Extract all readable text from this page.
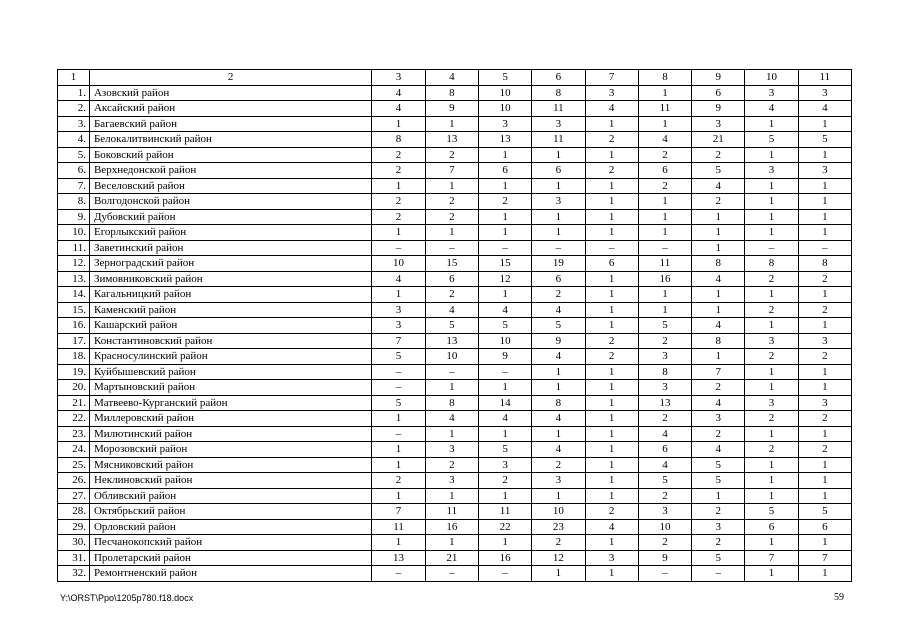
1	2	3	4	5	6	7	8	9	10	11
1.	Азовский район	4	8	10	8	3	1	6	3	3
2.	Аксайский район	4	9	10	11	4	11	9	4	4
3.	Багаевский район	1	1	3	3	1	1	3	1	1
4.	Белокалитвинский район	8	13	13	11	2	4	21	5	5
5.	Боковский район	2	2	1	1	1	2	2	1	1
6.	Верхнедонской район	2	7	6	6	2	6	5	3	3
7.	Веселовский район	1	1	1	1	1	2	4	1	1
8.	Волгодонской район	2	2	2	3	1	1	2	1	1
9.	Дубовский район	2	2	1	1	1	1	1	1	1
10.	Егорлыкский район	1	1	1	1	1	1	1	1	1
11.	Заветинский район	–	–	–	–	–	–	1	–	–
12.	Зерноградский район	10	15	15	19	6	11	8	8	8
13.	Зимовниковский район	4	6	12	6	1	16	4	2	2
14.	Кагальницкий район	1	2	1	2	1	1	1	1	1
15.	Каменский район	3	4	4	4	1	1	1	2	2
16.	Кашарский район	3	5	5	5	1	5	4	1	1
17.	Константиновский район	7	13	10	9	2	2	8	3	3
18.	Красносулинский район	5	10	9	4	2	3	1	2	2
19.	Куйбышевский район	–	–	–	1	1	8	7	1	1
20.	Мартыновский район	–	1	1	1	1	3	2	1	1
21.	Матвеево-Курганский район	5	8	14	8	1	13	4	3	3
22.	Миллеровский район	1	4	4	4	1	2	3	2	2
23.	Милютинский район	–	1	1	1	1	4	2	1	1
24.	Морозовский район	1	3	5	4	1	6	4	2	2
25.	Мясниковский район	1	2	3	2	1	4	5	1	1
26.	Неклиновский район	2	3	2	3	1	5	5	1	1
27.	Обливский район	1	1	1	1	1	2	1	1	1
28.	Октябрьский район	7	11	11	10	2	3	2	5	5
29.	Орловский район	11	16	22	23	4	10	3	6	6
30.	Песчанокопский район	1	1	1	2	1	2	2	1	1
31.	Пролетарский район	13	21	16	12	3	9	5	7	7
32.	Ремонтненский район	–	–	–	1	1	–	–	1	1
Y:\ORST\Ppo\1205p780.f18.docx	59
